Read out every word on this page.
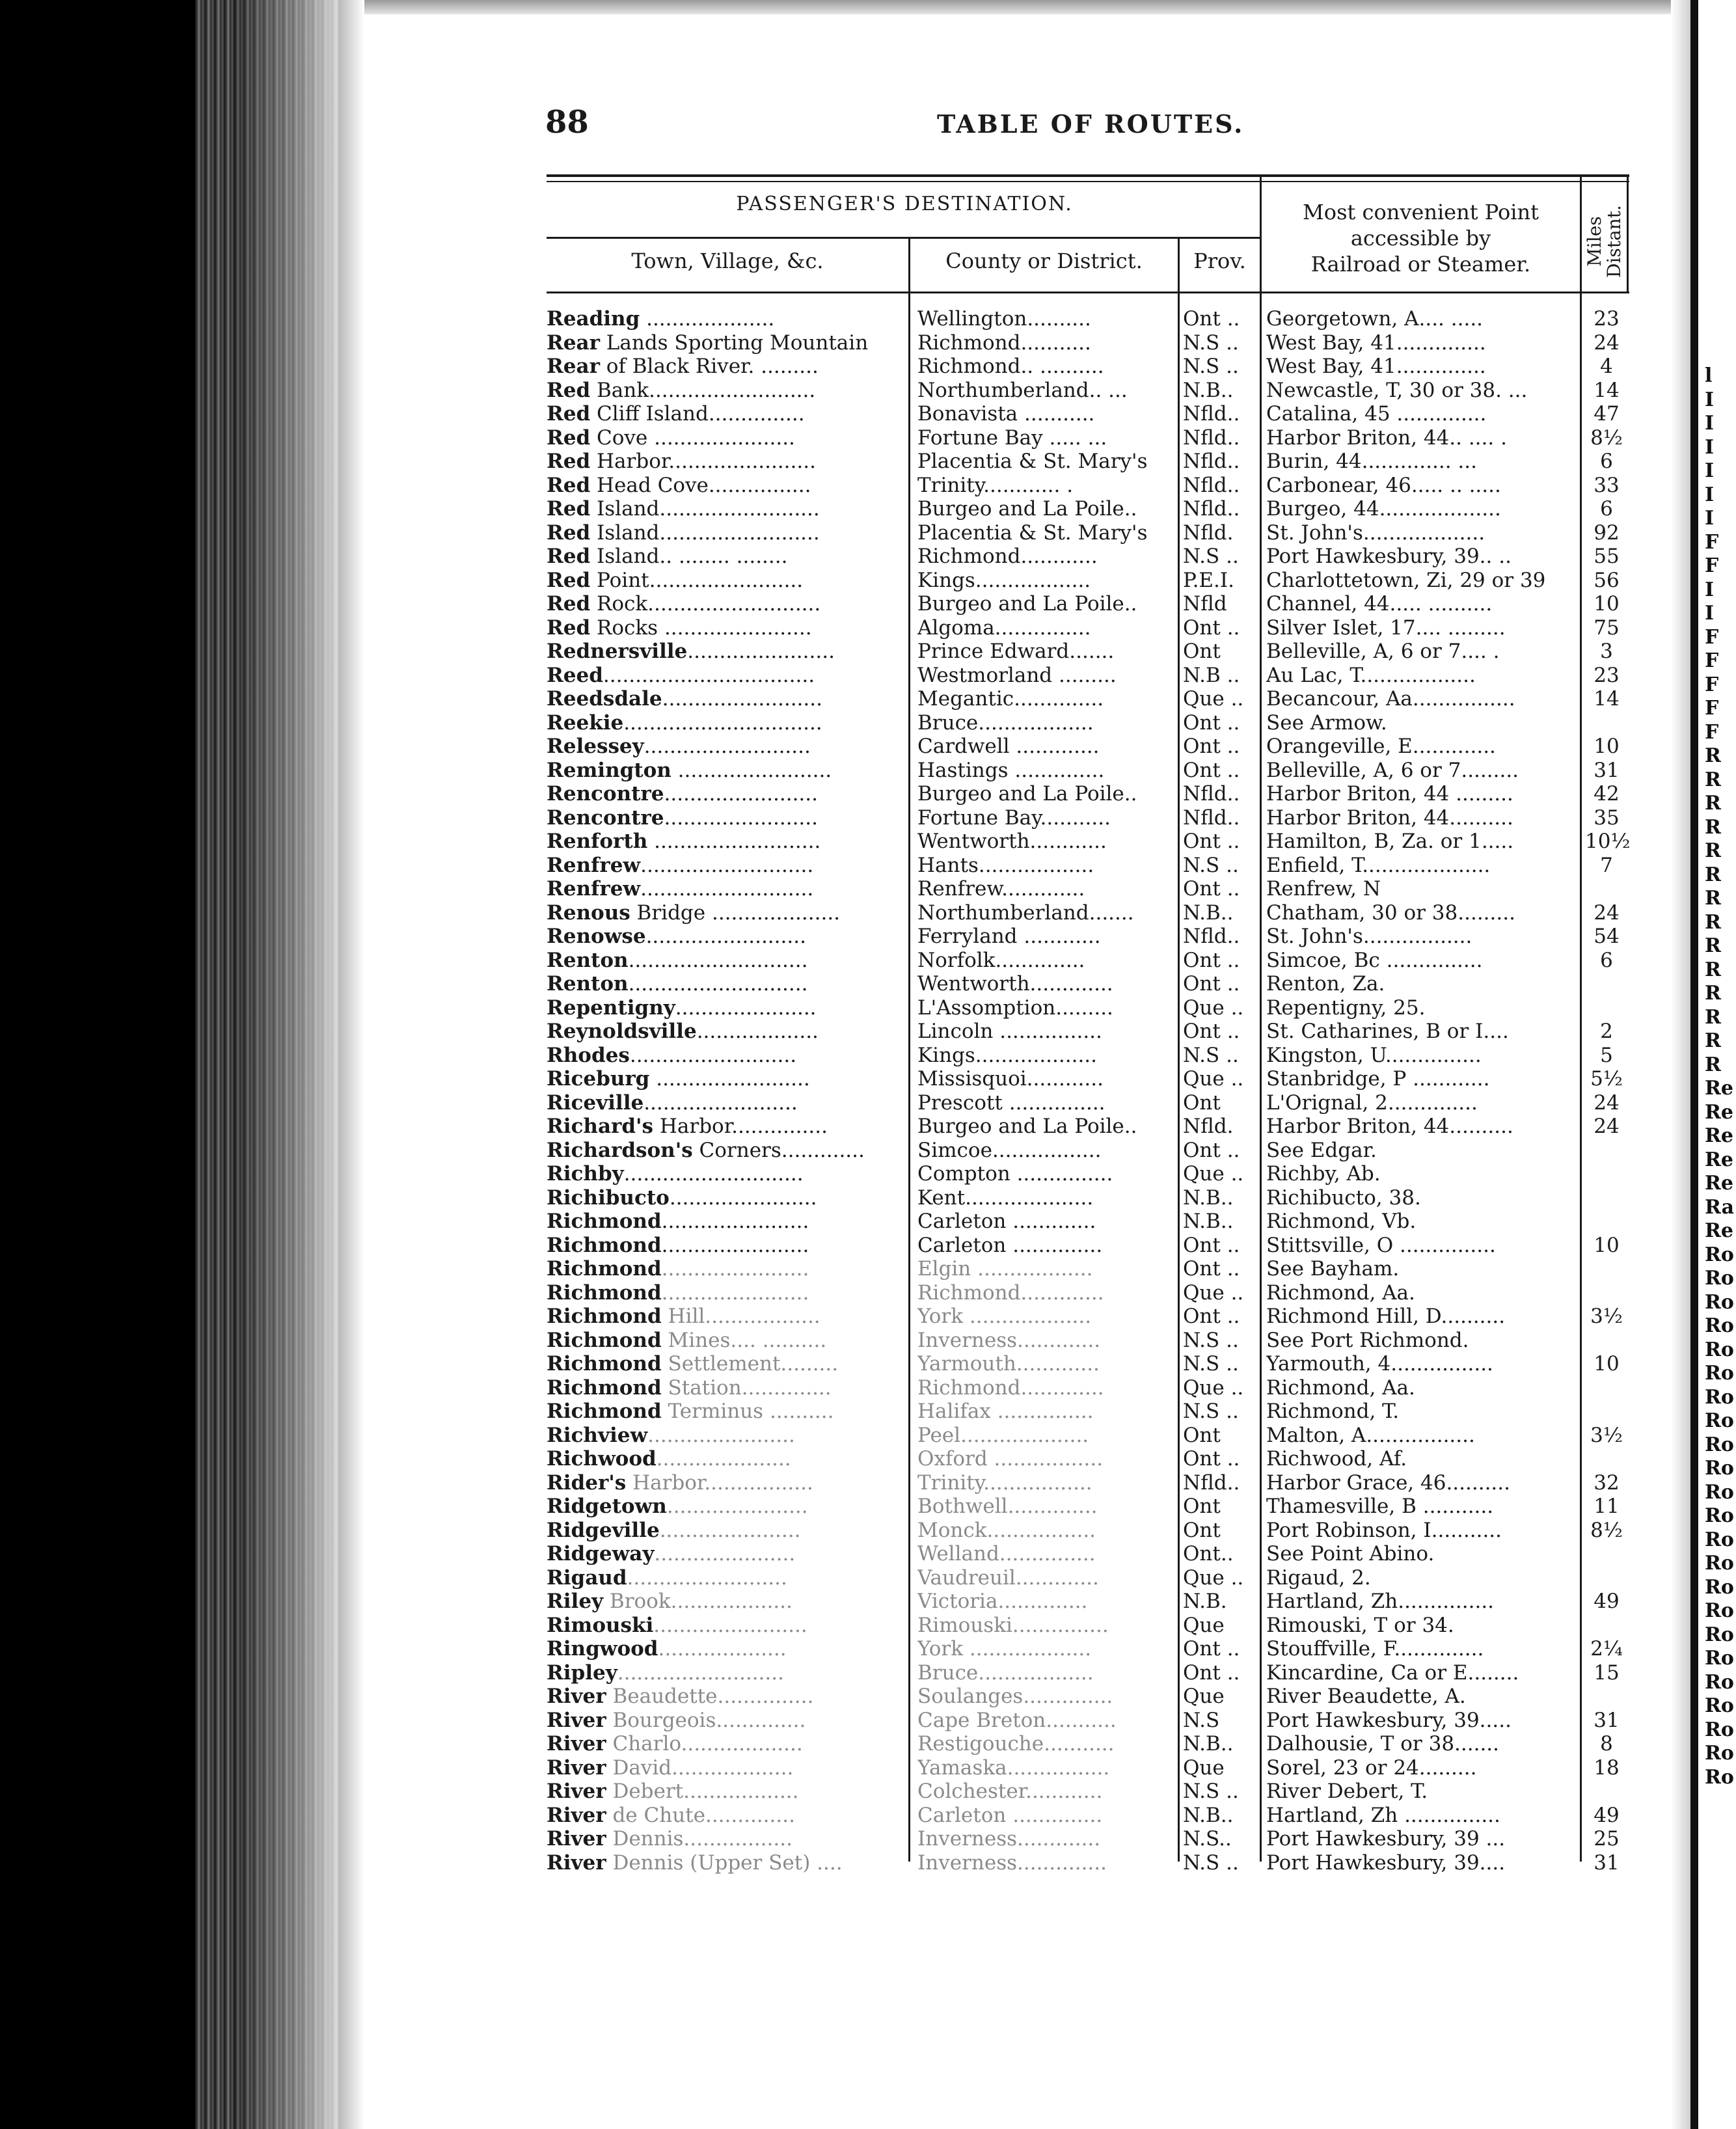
l
I
I
I
I
I
I
F
F
I
I
F
F
F
F
F
R
R
R
R
R
R
R
R
R
R
R
R
R
R
Re
Re
Re
Re
Re
Ra
Re
Ro
Ro
Ro
Ro
Ro
Ro
Ro
Ro
Ro
Ro
Ro
Ro
Ro
Ro
Ro
Ro
Ro
Ro
Ro
Ro
Ro
Ro
Ro
88	TABLE OF ROUTES.
PASSENGER'S DESTINATION.
Town, Village, &c.	County or District.	Prov.
Most convenient Point
accessible by
Railroad or Steamer.	Miles
Distant.
Reading ....................	Wellington..........	Ont ..	Georgetown, A.... .....	23
Rear Lands Sporting Mountain	Richmond...........	N.S ..	West Bay, 41..............	24
Rear of Black River. .........	Richmond.. ..........	N.S ..	West Bay, 41..............	4
Red Bank..........................	Northumberland.. ...	N.B..	Newcastle, T, 30 or 38. ...	14
Red Cliff Island...............	Bonavista ...........	Nfld..	Catalina, 45 ..............	47
Red Cove ......................	Fortune Bay ..... ...	Nfld..	Harbor Briton, 44.. .... .	8½
Red Harbor.......................	Placentia & St. Mary's	Nfld..	Burin, 44.............. ...	6
Red Head Cove................	Trinity............ .	Nfld..	Carbonear, 46..... .. .....	33
Red Island.........................	Burgeo and La Poile..	Nfld..	Burgeo, 44...................	6
Red Island.........................	Placentia & St. Mary's	Nfld.	St. John's...................	92
Red Island.. ........ ........	Richmond............	N.S ..	Port Hawkesbury, 39.. ..	55
Red Point........................	Kings..................	P.E.I.	Charlottetown, Zi, 29 or 39	56
Red Rock...........................	Burgeo and La Poile..	Nfld	Channel, 44..... ..........	10
Red Rocks .......................	Algoma...............	Ont ..	Silver Islet, 17.... .........	75
Rednersville.......................	Prince Edward.......	Ont	Belleville, A, 6 or 7.... .	3
Reed.................................	Westmorland .........	N.B ..	Au Lac, T..................	23
Reedsdale.........................	Megantic..............	Que ..	Becancour, Aa................	14
Reekie...............................	Bruce..................	Ont ..	See Armow.
Relessey..........................	Cardwell .............	Ont ..	Orangeville, E.............	10
Remington ........................	Hastings ..............	Ont ..	Belleville, A, 6 or 7.........	31
Rencontre........................	Burgeo and La Poile..	Nfld..	Harbor Briton, 44 .........	42
Rencontre........................	Fortune Bay...........	Nfld..	Harbor Briton, 44..........	35
Renforth ..........................	Wentworth............	Ont ..	Hamilton, B, Za. or 1.....	10½
Renfrew...........................	Hants..................	N.S ..	Enfield, T....................	7
Renfrew...........................	Renfrew.............	Ont ..	Renfrew, N
Renous Bridge ....................	Northumberland.......	N.B..	Chatham, 30 or 38.........	24
Renowse.........................	Ferryland ............	Nfld..	St. John's.................	54
Renton............................	Norfolk..............	Ont ..	Simcoe, Bc ...............	6
Renton............................	Wentworth.............	Ont ..	Renton, Za.
Repentigny......................	L'Assomption.........	Que ..	Repentigny, 25.
Reynoldsville...................	Lincoln ................	Ont ..	St. Catharines, B or I....	2
Rhodes..........................	Kings...................	N.S ..	Kingston, U...............	5
Riceburg ........................	Missisquoi............	Que ..	Stanbridge, P ............	5½
Riceville........................	Prescott ...............	Ont	L'Orignal, 2..............	24
Richard's Harbor...............	Burgeo and La Poile..	Nfld.	Harbor Briton, 44..........	24
Richardson's Corners.............	Simcoe.................	Ont ..	See Edgar.
Richby............................	Compton ...............	Que ..	Richby, Ab.
Richibucto.......................	Kent....................	N.B..	Richibucto, 38.
Richmond.......................	Carleton .............	N.B..	Richmond, Vb.
Richmond.......................	Carleton ..............	Ont ..	Stittsville, O ...............	10
Richmond.......................	Elgin ..................	Ont ..	See Bayham.
Richmond.......................	Richmond.............	Que ..	Richmond, Aa.
Richmond Hill..................	York ...................	Ont ..	Richmond Hill, D..........	3½
Richmond Mines.... ..........	Inverness.............	N.S ..	See Port Richmond.
Richmond Settlement.........	Yarmouth.............	N.S ..	Yarmouth, 4................	10
Richmond Station..............	Richmond.............	Que ..	Richmond, Aa.
Richmond Terminus ..........	Halifax ...............	N.S ..	Richmond, T.
Richview.......................	Peel....................	Ont	Malton, A.................	3½
Richwood.....................	Oxford .................	Ont ..	Richwood, Af.
Rider's Harbor.................	Trinity.................	Nfld..	Harbor Grace, 46..........	32
Ridgetown......................	Bothwell..............	Ont	Thamesville, B ...........	11
Ridgeville......................	Monck.................	Ont	Port Robinson, I...........	8½
Ridgeway......................	Welland...............	Ont..	See Point Abino.
Rigaud.........................	Vaudreuil.............	Que ..	Rigaud, 2.
Riley Brook...................	Victoria..............	N.B.	Hartland, Zh...............	49
Rimouski........................	Rimouski...............	Que	Rimouski, T or 34.
Ringwood....................	York ...................	Ont ..	Stouffville, F..............	2¼
Ripley..........................	Bruce..................	Ont ..	Kincardine, Ca or E........	15
River Beaudette...............	Soulanges..............	Que	River Beaudette, A.
River Bourgeois..............	Cape Breton...........	N.S	Port Hawkesbury, 39.....	31
River Charlo...................	Restigouche...........	N.B..	Dalhousie, T or 38.......	8
River David...................	Yamaska................	Que	Sorel, 23 or 24.........	18
River Debert..................	Colchester............	N.S ..	River Debert, T.
River de Chute..............	Carleton ..............	N.B..	Hartland, Zh ...............	49
River Dennis.................	Inverness.............	N.S..	Port Hawkesbury, 39 ...	25
River Dennis (Upper Set) ....	Inverness..............	N.S ..	Port Hawkesbury, 39....	31
